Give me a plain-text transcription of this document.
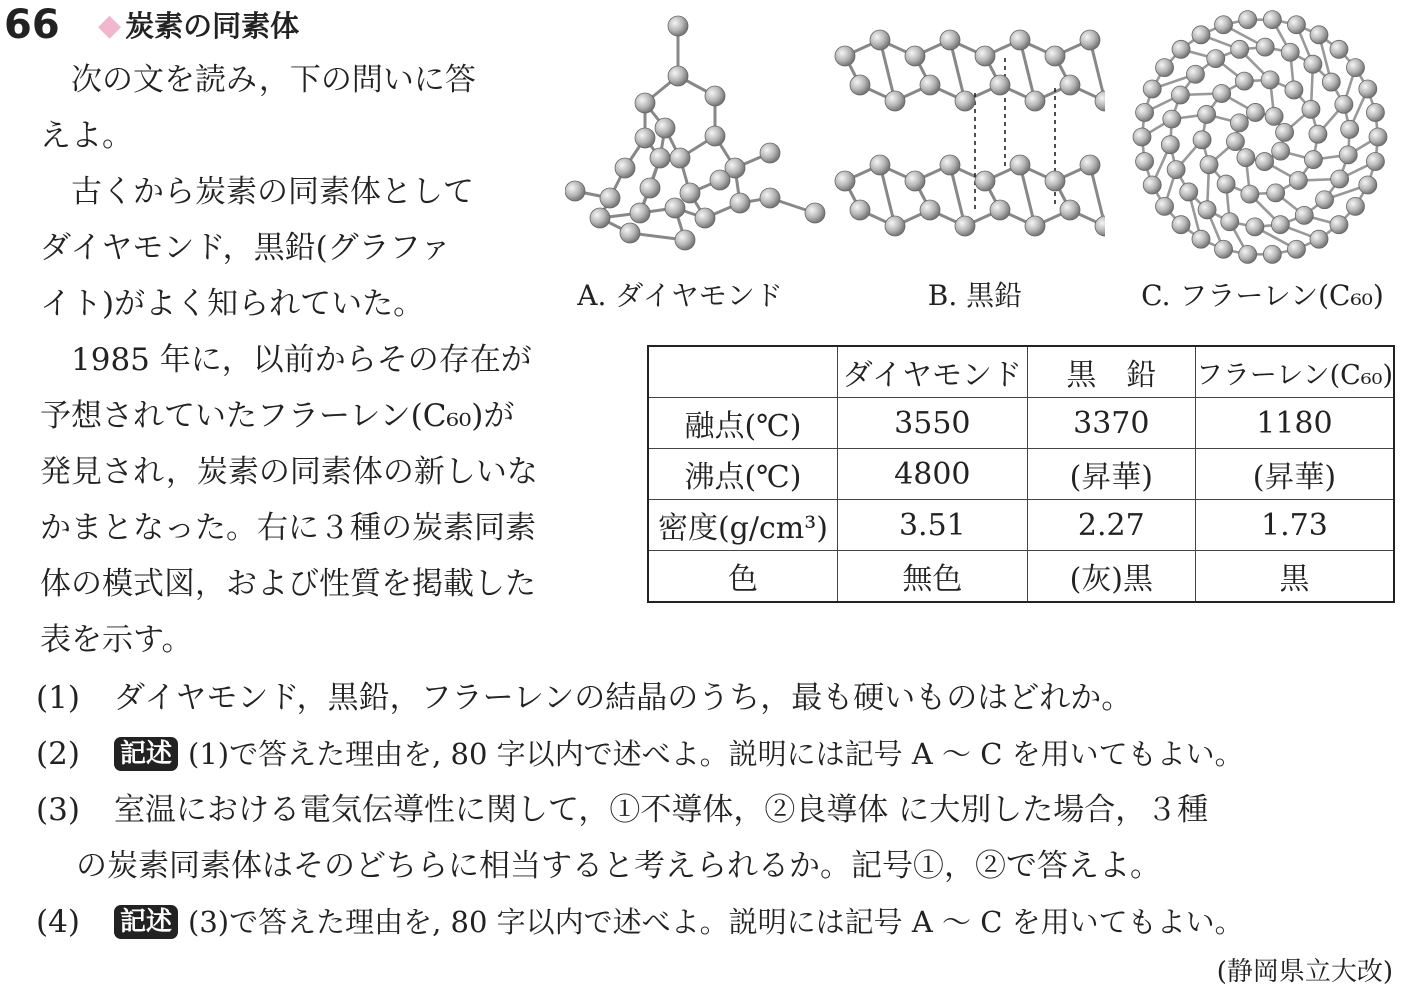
66 ◆ 炭素の同素体
　次の文を読み，下の問いに答
えよ。
　古くから炭素の同素体として
ダイヤモンド，黒鉛(グラファ
イト)がよく知られていた。
　1985 年に，以前からその存在が
予想されていたフラーレン(C₆₀)が
発見され，炭素の同素体の新しいな
かまとなった。右に３種の炭素同素
体の模式図，および性質を掲載した
表を示す。
A. ダイヤモンド	B. 黒鉛	C. フラーレン(C₆₀)
	ダイヤモンド	黒　鉛	フラーレン(C₆₀)
融点(℃)	3550	3370	1180
沸点(℃)	4800	(昇華)	(昇華)
密度(g/cm³)	3.51	2.27	1.73
色	無色	(灰)黒	黒
(1) ダイヤモンド，黒鉛，フラーレンの結晶のうち，最も硬いものはどれか。
(2) 記述 (1)で答えた理由を, 80 字以内で述べよ。説明には記号 A ～ C を用いてもよい。
(3) 室温における電気伝導性に関して，①不導体，②良導体 に大別した場合，３種
の炭素同素体はそのどちらに相当すると考えられるか。記号①，②で答えよ。
(4) 記述 (3)で答えた理由を, 80 字以内で述べよ。説明には記号 A ～ C を用いてもよい。
(静岡県立大改)
